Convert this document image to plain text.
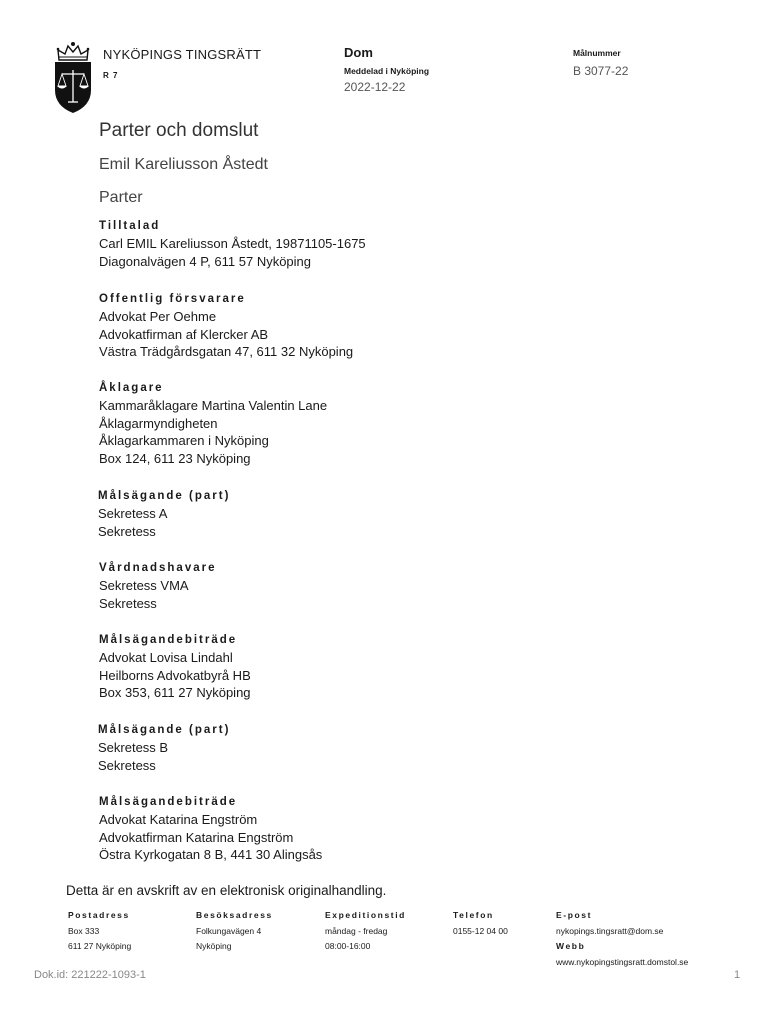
NYKÖPINGS TINGSRÄTT
R 7
Dom
Meddelad i Nyköping
2022-12-22
Målnummer
B 3077-22
Parter och domslut
Emil Kareliusson Åstedt
Parter
Tilltalad
Carl EMIL Kareliusson Åstedt, 19871105-1675
Diagonalvägen 4 P, 611 57 Nyköping
Offentlig försvarare
Advokat Per Oehme
Advokatfirman af Klercker AB
Västra Trädgårdsgatan 47, 611 32 Nyköping
Åklagare
Kammaråklagare Martina Valentin Lane
Åklagarmyndigheten
Åklagarkammaren i Nyköping
Box 124, 611 23 Nyköping
Målsägande (part)
Sekretess A
Sekretess
Vårdnadshavare
Sekretess VMA
Sekretess
Målsägandebiträde
Advokat Lovisa Lindahl
Heilborns Advokatbyrå HB
Box 353, 611 27 Nyköping
Målsägande (part)
Sekretess B
Sekretess
Målsägandebiträde
Advokat Katarina Engström
Advokatfirman Katarina Engström
Östra Kyrkogatan 8 B, 441 30 Alingsås
Detta är en avskrift av en elektronisk originalhandling.
Postadress
Box 333
611 27 Nyköping
Besöksadress
Folkungavägen 4
Nyköping
Expeditionstid
måndag - fredag
08:00-16:00
Telefon
0155-12 04 00
E-post
nykopings.tingsratt@dom.se
Webb
www.nykopingstingsratt.domstol.se
Dok.id: 221222-1093-1	1
